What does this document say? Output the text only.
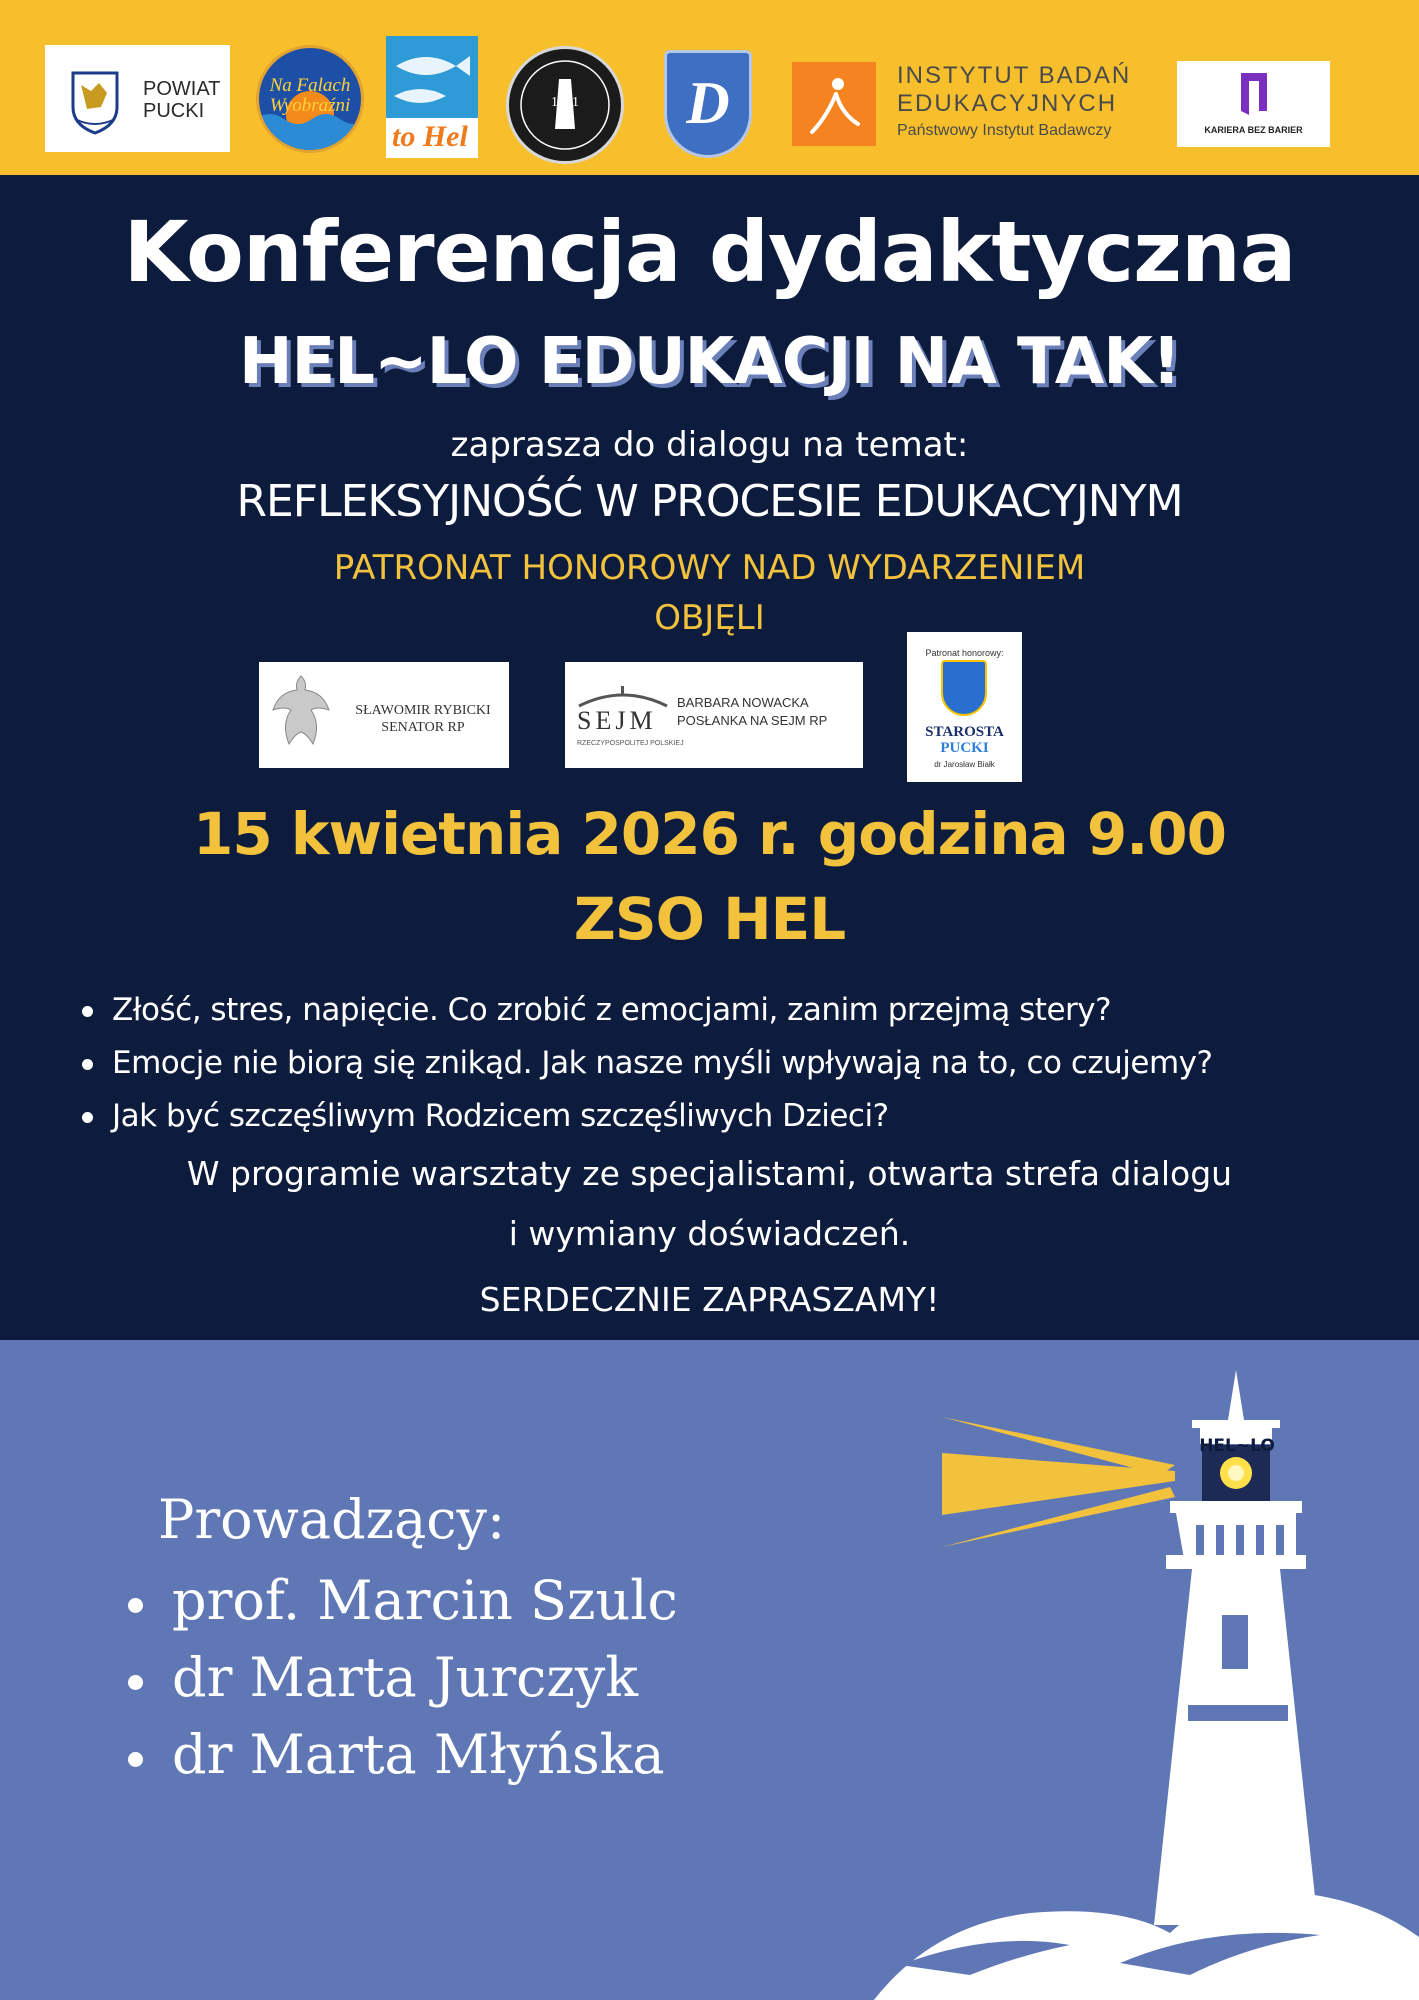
POWIAT
PUCKI
Na Falach
Wyobraźni
to Hel
1991	D	INSTYTUT BADAŃ
EDUKACYJNYCH
Państwowy Instytut Badawczy	KARIERA BEZ BARIER
Konferencja dydaktyczna
HEL~LO EDUKACJI NA TAK!
zaprasza do dialogu na temat:
REFLEKSYJNOŚĆ W PROCESIE EDUKACYJNYM
PATRONAT HONOROWY NAD WYDARZENIEM
OBJĘLI
SŁAWOMIR RYBICKI
SENATOR RP	SEJM
RZECZYPOSPOLITEJ POLSKIEJ
BARBARA NOWACKA
POSŁANKA NA SEJM RP
Patronat honorowy:
STAROSTA
PUCKI
dr Jarosław Białk
15 kwietnia 2026 r. godzina 9.00
ZSO HEL
Złość, stres, napięcie. Co zrobić z emocjami, zanim przejmą stery?
Emocje nie biorą się znikąd. Jak nasze myśli wpływają na to, co czujemy?
Jak być szczęśliwym Rodzicem szczęśliwych Dzieci?
W programie warsztaty ze specjalistami, otwarta strefa dialogu
i wymiany doświadczeń.
SERDECZNIE ZAPRASZAMY!
Prowadzący:
prof. Marcin Szulc
dr Marta Jurczyk
dr Marta Młyńska
HEL~LO
